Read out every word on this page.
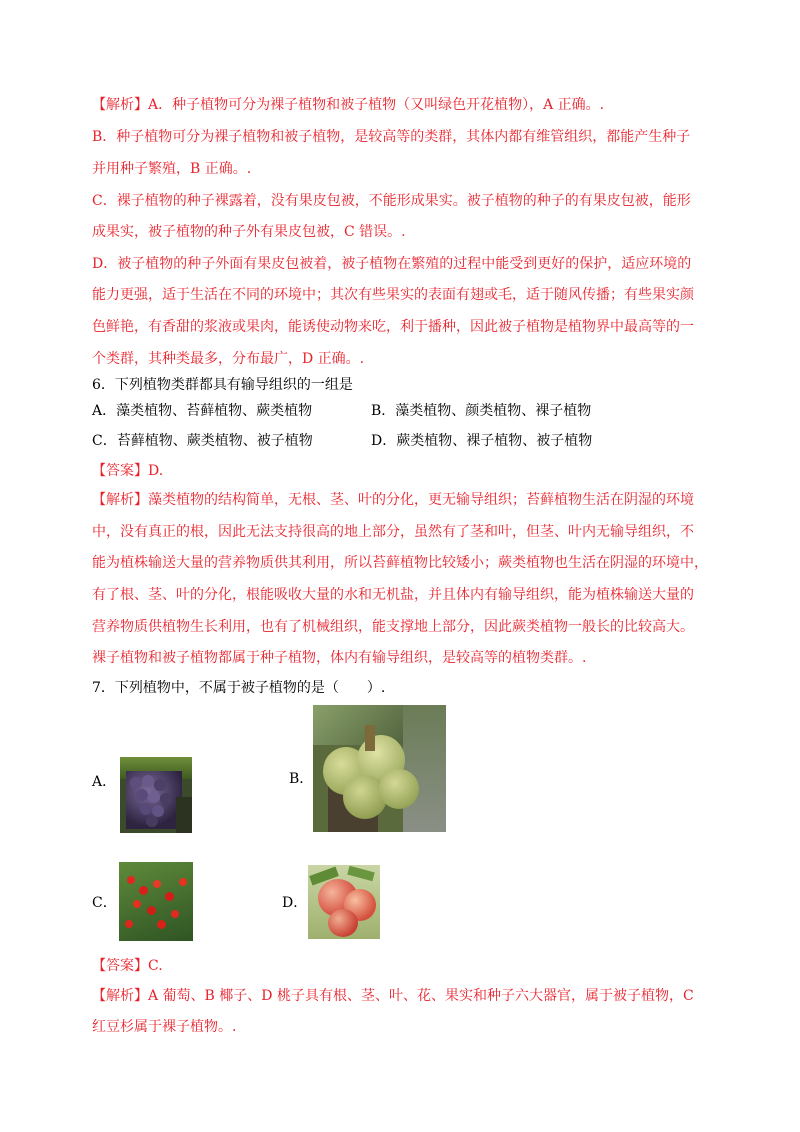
【解析】A．种子植物可分为裸子植物和被子植物（又叫绿色开花植物），A 正确。.
B．种子植物可分为裸子植物和被子植物，是较高等的类群，其体内都有维管组织，都能产生种子
并用种子繁殖，B 正确。.
C．裸子植物的种子裸露着，没有果皮包被，不能形成果实。被子植物的种子的有果皮包被，能形
成果实，被子植物的种子外有果皮包被，C 错误。.
D．被子植物的种子外面有果皮包被着，被子植物在繁殖的过程中能受到更好的保护，适应环境的
能力更强，适于生活在不同的环境中；其次有些果实的表面有翅或毛，适于随风传播；有些果实颜
色鲜艳，有香甜的浆液或果肉，能诱使动物来吃，利于播种，因此被子植物是植物界中最高等的一
个类群，其种类最多，分布最广，D 正确。.
6．下列植物类群都具有输导组织的一组是
A．藻类植物、苔藓植物、蕨类植物	B．藻类植物、颜类植物、裸子植物
C．苔藓植物、蕨类植物、被子植物	D．蕨类植物、裸子植物、被子植物
【答案】D.
【解析】藻类植物的结构简单，无根、茎、叶的分化，更无输导组织；苔藓植物生活在阴湿的环境
中，没有真正的根，因此无法支持很高的地上部分，虽然有了茎和叶，但茎、叶内无输导组织，不
能为植株输送大量的营养物质供其利用，所以苔藓植物比较矮小；蕨类植物也生活在阴湿的环境中，
有了根、茎、叶的分化，根能吸收大量的水和无机盐，并且体内有输导组织，能为植株输送大量的
营养物质供植物生长利用，也有了机械组织，能支撑地上部分，因此蕨类植物一般长的比较高大。
裸子植物和被子植物都属于种子植物，体内有输导组织，是较高等的植物类群。.
7．下列植物中，不属于被子植物的是（　　）.
A．	B．
C．	D．
【答案】C.
【解析】A 葡萄、B 椰子、D 桃子具有根、茎、叶、花、果实和种子六大器官，属于被子植物，C
红豆杉属于裸子植物。.
